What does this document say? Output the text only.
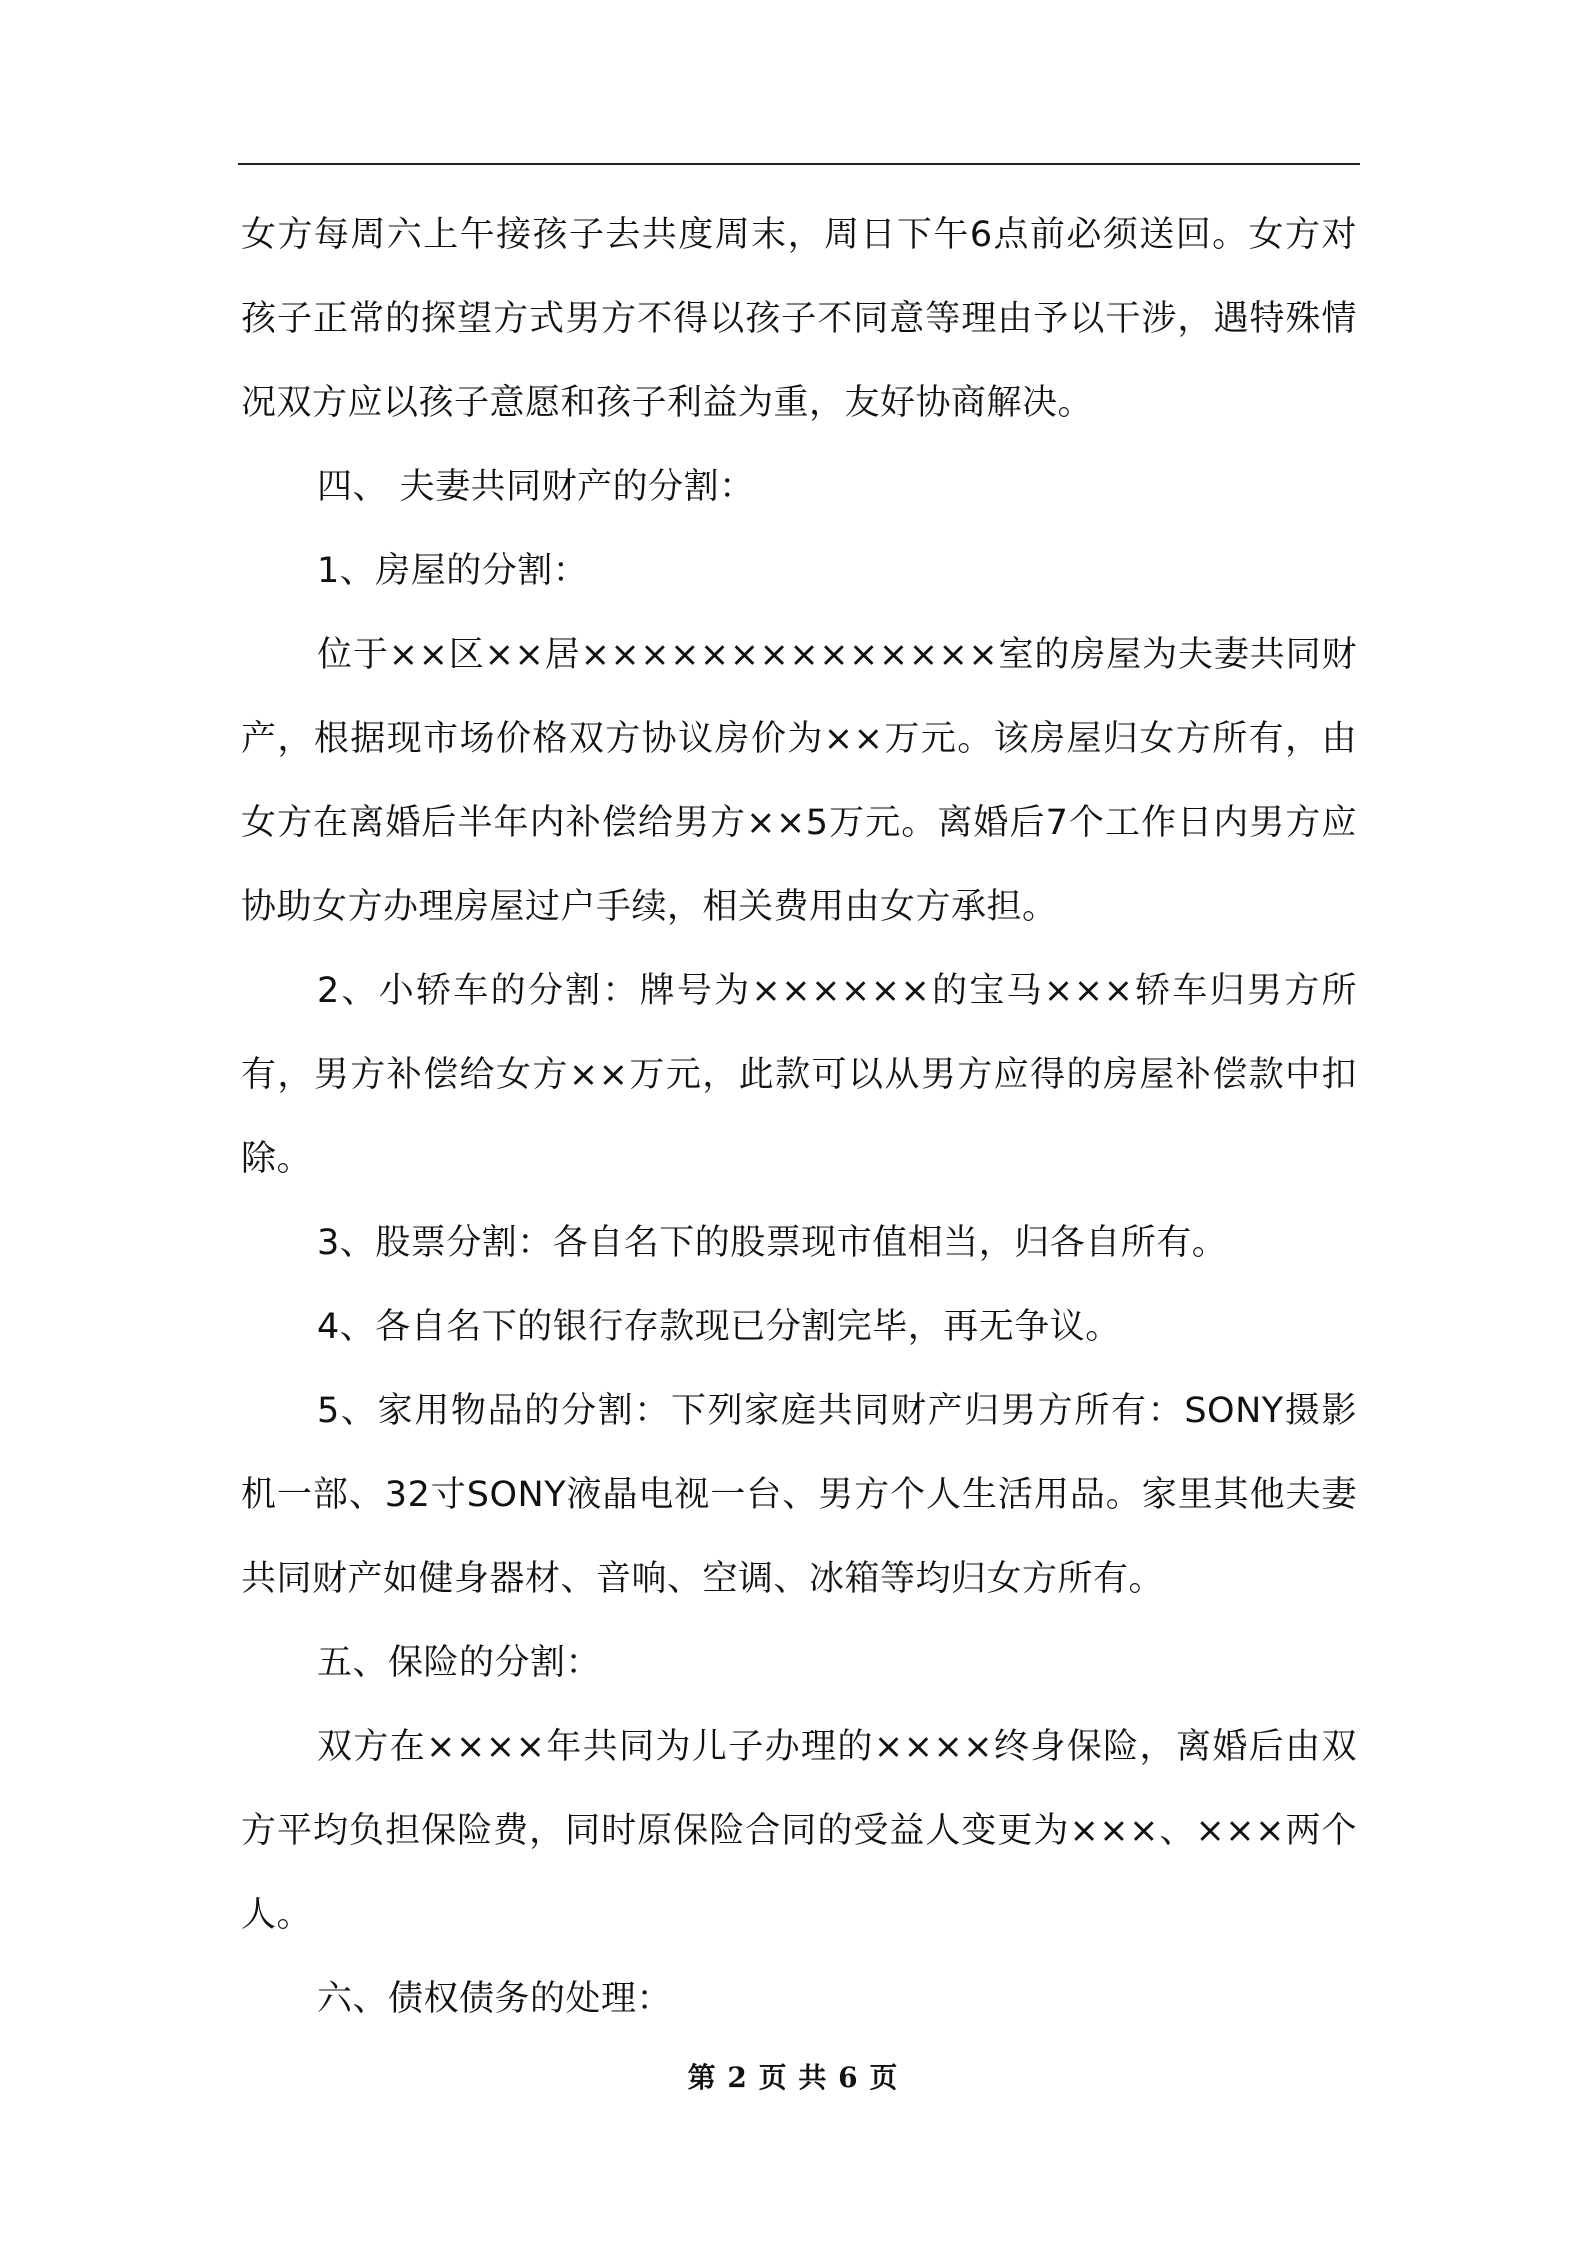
女方每周六上午接孩子去共度周末，周日下午6点前必须送回。女方对孩子正常的探望方式男方不得以孩子不同意等理由予以干涉，遇特殊情况双方应以孩子意愿和孩子利益为重，友好协商解决。

四、 夫妻共同财产的分割：

1、房屋的分割：

位于××区××居××××××××××××××室的房屋为夫妻共同财产，根据现市场价格双方协议房价为××万元。该房屋归女方所有，由女方在离婚后半年内补偿给男方××5万元。离婚后7个工作日内男方应协助女方办理房屋过户手续，相关费用由女方承担。

2、小轿车的分割：牌号为××××××的宝马×××轿车归男方所有，男方补偿给女方××万元，此款可以从男方应得的房屋补偿款中扣除。

3、股票分割：各自名下的股票现市值相当，归各自所有。

4、各自名下的银行存款现已分割完毕，再无争议。

5、家用物品的分割：下列家庭共同财产归男方所有：SONY摄影机一部、32寸SONY液晶电视一台、男方个人生活用品。家里其他夫妻共同财产如健身器材、音响、空调、冰箱等均归女方所有。

五、保险的分割：

双方在××××年共同为儿子办理的××××终身保险，离婚后由双方平均负担保险费，同时原保险合同的受益人变更为×××、×××两个人。

六、债权债务的处理：

第 2 页 共 6 页
